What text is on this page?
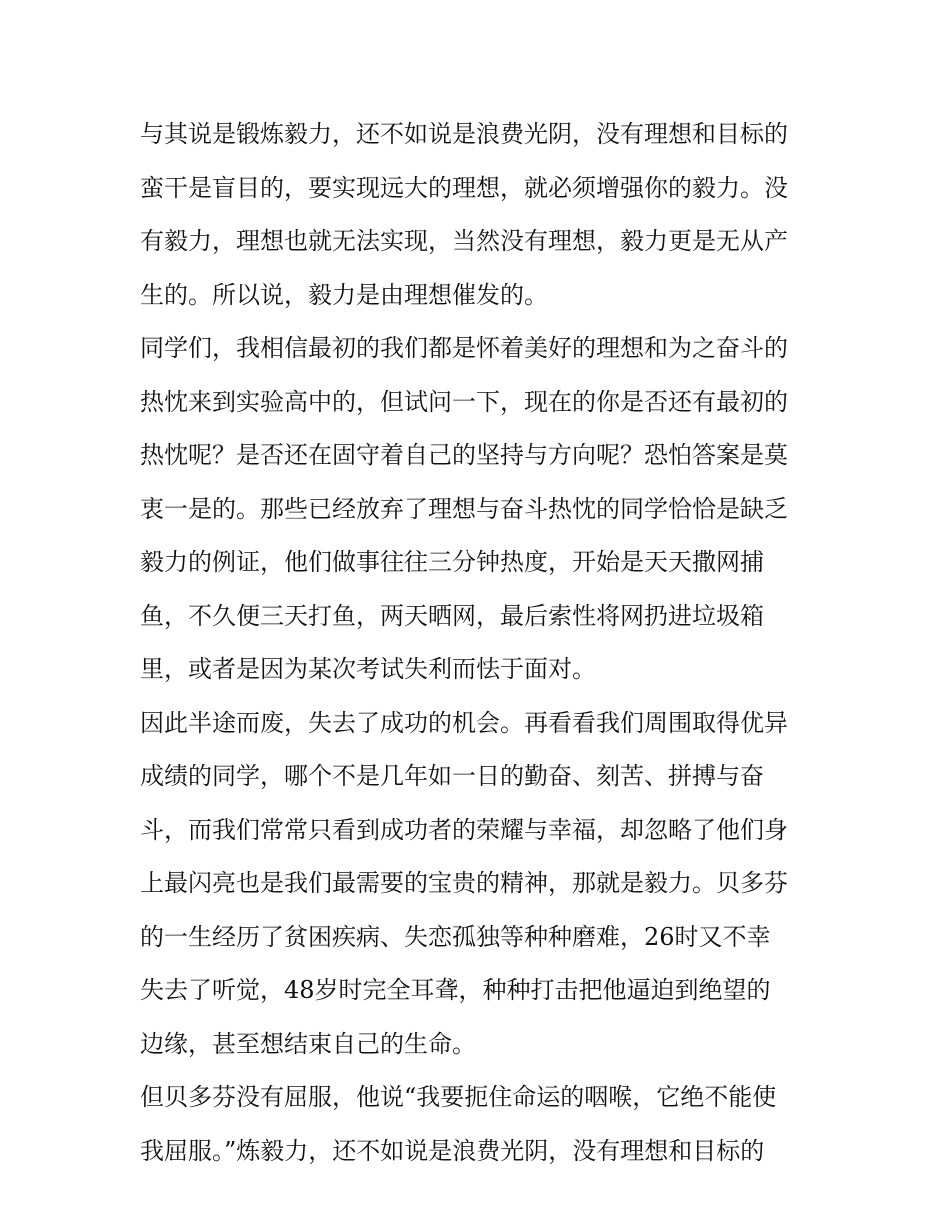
与其说是锻炼毅力，还不如说是浪费光阴，没有理想和目标的
蛮干是盲目的，要实现远大的理想，就必须增强你的毅力。没
有毅力，理想也就无法实现，当然没有理想，毅力更是无从产
生的。所以说，毅力是由理想催发的。
同学们，我相信最初的我们都是怀着美好的理想和为之奋斗的
热忱来到实验高中的，但试问一下，现在的你是否还有最初的
热忱呢？是否还在固守着自己的坚持与方向呢？恐怕答案是莫
衷一是的。那些已经放弃了理想与奋斗热忱的同学恰恰是缺乏
毅力的例证，他们做事往往三分钟热度，开始是天天撒网捕
鱼，不久便三天打鱼，两天晒网，最后索性将网扔进垃圾箱
里，或者是因为某次考试失利而怯于面对。
因此半途而废，失去了成功的机会。再看看我们周围取得优异
成绩的同学，哪个不是几年如一日的勤奋、刻苦、拼搏与奋
斗，而我们常常只看到成功者的荣耀与幸福，却忽略了他们身
上最闪亮也是我们最需要的宝贵的精神，那就是毅力。贝多芬
的一生经历了贫困疾病、失恋孤独等种种磨难，26时又不幸
失去了听觉，48岁时完全耳聋，种种打击把他逼迫到绝望的
边缘，甚至想结束自己的生命。
但贝多芬没有屈服，他说“我要扼住命运的咽喉，它绝不能使
我屈服。”炼毅力，还不如说是浪费光阴，没有理想和目标的
